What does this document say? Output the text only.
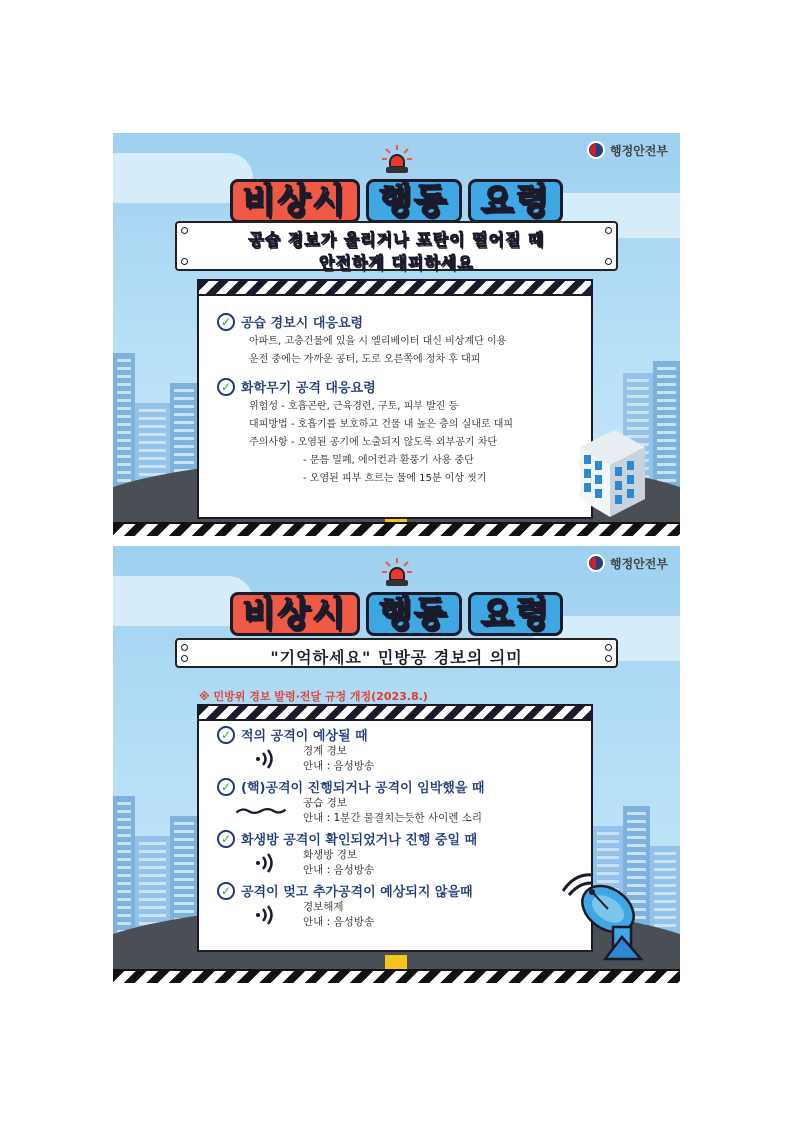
행정안전부
비상시 행동 요령
공습 경보가 울리거나 포탄이 떨어질 때
안전하게 대피하세요
✓ 공습 경보시 대응요령
아파트, 고층건물에 있을 시 엘리베이터 대신 비상계단 이용
운전 중에는 가까운 공터, 도로 오른쪽에 정차 후 대피
✓ 화학무기 공격 대응요령
위험성 - 호흡곤란, 근육경련, 구토, 피부 발진 등
대피방법 - 호흡기를 보호하고 건물 내 높은 층의 실내로 대피
주의사항 - 오염된 공기에 노출되지 않도록 외부공기 차단
- 문틈 밀폐, 에어컨과 환풍기 사용 중단
- 오염된 피부 흐르는 물에 15분 이상 씻기
행정안전부
비상시 행동 요령
"기억하세요" 민방공 경보의 의미
※ 민방위 경보 발령·전달 규정 개정(2023.8.)
✓ 적의 공격이 예상될 때
경계 경보
안내 : 음성방송
✓ (핵)공격이 진행되거나 공격이 임박했을 때
공습 경보
안내 : 1분간 물결치는듯한 사이렌 소리
✓ 화생방 공격이 확인되었거나 진행 중일 때
화생방 경보
안내 : 음성방송
✓ 공격이 멎고 추가공격이 예상되지 않을때
경보해제
안내 : 음성방송
